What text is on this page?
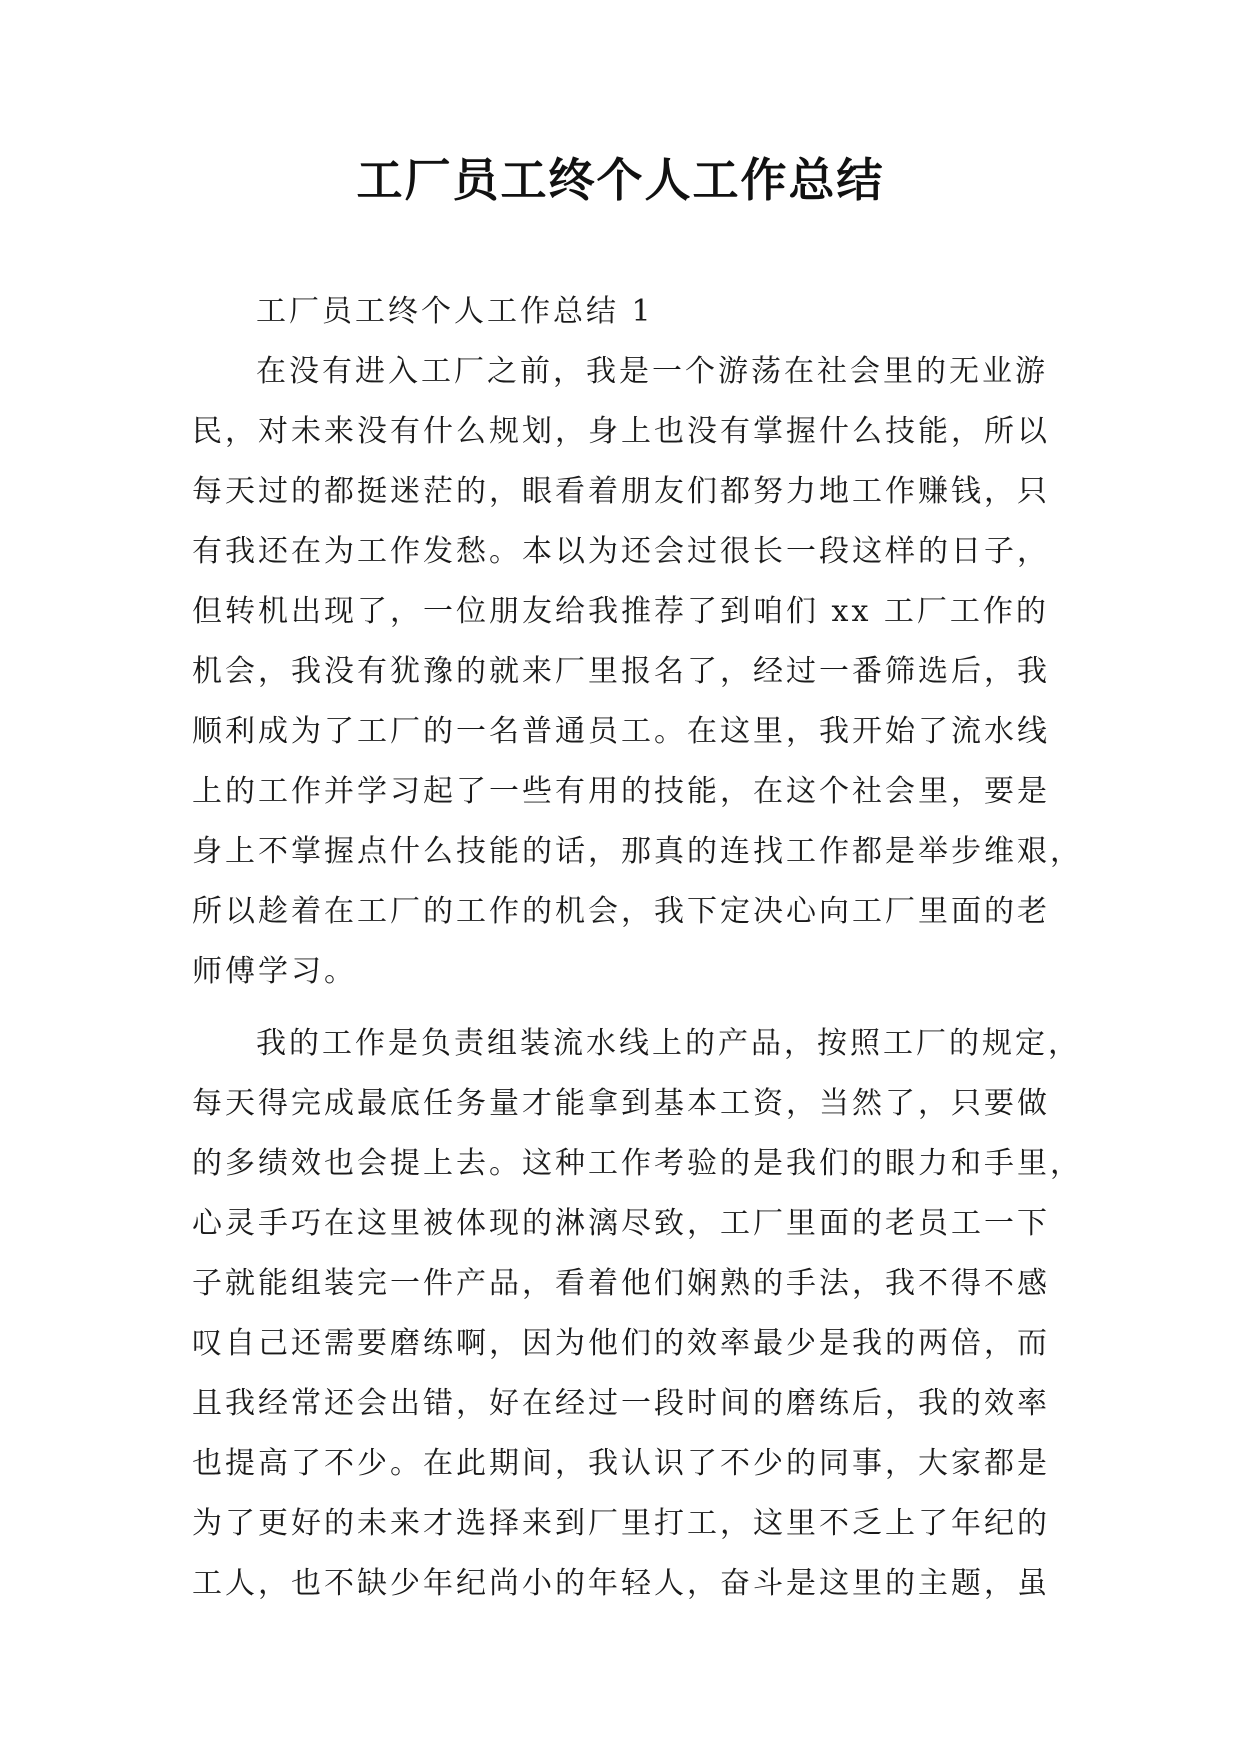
工厂员工终个人工作总结

工厂员工终个人工作总结 1

在没有进入工厂之前，我是一个游荡在社会里的无业游
民，对未来没有什么规划，身上也没有掌握什么技能，所以
每天过的都挺迷茫的，眼看着朋友们都努力地工作赚钱，只
有我还在为工作发愁。本以为还会过很长一段这样的日子，
但转机出现了，一位朋友给我推荐了到咱们 xx 工厂工作的
机会，我没有犹豫的就来厂里报名了，经过一番筛选后，我
顺利成为了工厂的一名普通员工。在这里，我开始了流水线
上的工作并学习起了一些有用的技能，在这个社会里，要是
身上不掌握点什么技能的话，那真的连找工作都是举步维艰，
所以趁着在工厂的工作的机会，我下定决心向工厂里面的老
师傅学习。
我的工作是负责组装流水线上的产品，按照工厂的规定，
每天得完成最底任务量才能拿到基本工资，当然了，只要做
的多绩效也会提上去。这种工作考验的是我们的眼力和手里，
心灵手巧在这里被体现的淋漓尽致，工厂里面的老员工一下
子就能组装完一件产品，看着他们娴熟的手法，我不得不感
叹自己还需要磨练啊，因为他们的效率最少是我的两倍，而
且我经常还会出错，好在经过一段时间的磨练后，我的效率
也提高了不少。在此期间，我认识了不少的同事，大家都是
为了更好的未来才选择来到厂里打工，这里不乏上了年纪的
工人，也不缺少年纪尚小的年轻人，奋斗是这里的主题，虽
